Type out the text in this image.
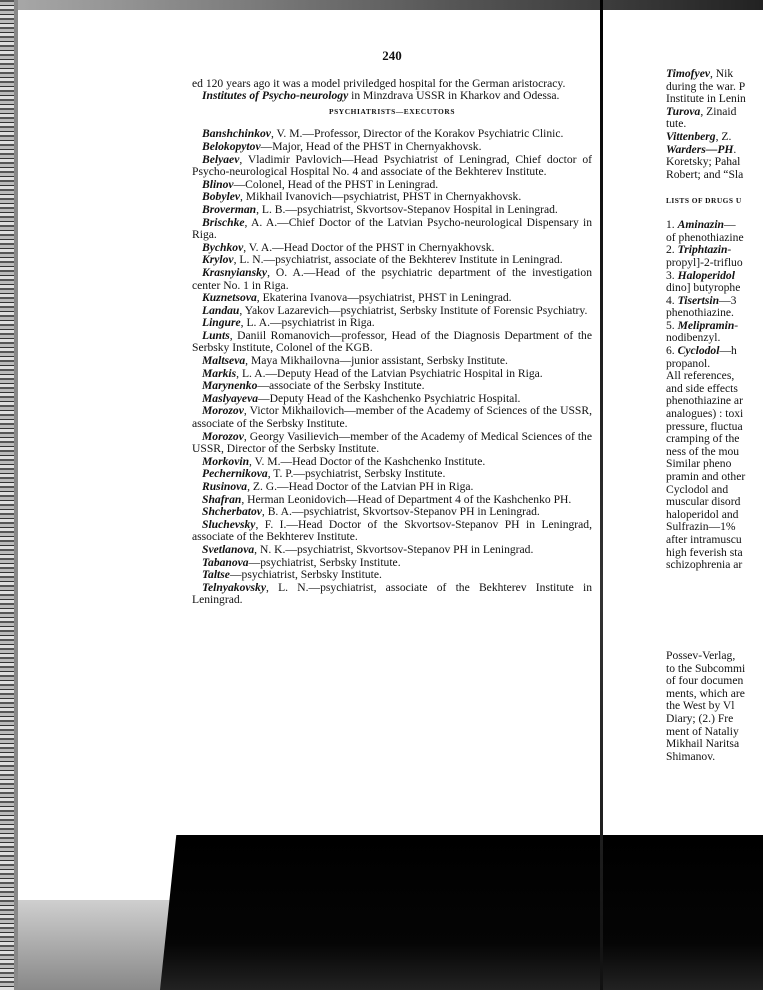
240

ed 120 years ago it was a model priviledged hospital for the German aristocracy.

Institutes of Psycho-neurology in Minzdrava USSR in Kharkov and Odessa.

PSYCHIATRISTS—EXECUTORS

Banshchinkov, V. M.—Professor, Director of the Korakov Psychiatric Clinic.

Belokopytov—Major, Head of the PHST in Chernyakhovsk.

Belyaev, Vladimir Pavlovich—Head Psychiatrist of Leningrad, Chief doctor of Psycho-neurological Hospital No. 4 and associate of the Bekhterev Institute.

Blinov—Colonel, Head of the PHST in Leningrad.

Bobylev, Mikhail Ivanovich—psychiatrist, PHST in Chernyakhovsk.

Broverman, L. B.—psychiatrist, Skvortsov-Stepanov Hospital in Leningrad.

Brischke, A. A.—Chief Doctor of the Latvian Psycho-neurological Dispensary in Riga.

Bychkov, V. A.—Head Doctor of the PHST in Chernyakhovsk.

Krylov, L. N.—psychiatrist, associate of the Bekhterev Institute in Leningrad.

Krasnyiansky, O. A.—Head of the psychiatric department of the investigation center No. 1 in Riga.

Kuznetsova, Ekaterina Ivanova—psychiatrist, PHST in Leningrad.

Landau, Yakov Lazarevich—psychiatrist, Serbsky Institute of Forensic Psychiatry.

Lingure, L. A.—psychiatrist in Riga.

Lunts, Daniil Romanovich—professor, Head of the Diagnosis Department of the Serbsky Institute, Colonel of the KGB.

Maltseva, Maya Mikhailovna—junior assistant, Serbsky Institute.

Markis, L. A.—Deputy Head of the Latvian Psychiatric Hospital in Riga.

Marynenko—associate of the Serbsky Institute.

Maslyayeva—Deputy Head of the Kashchenko Psychiatric Hospital.

Morozov, Victor Mikhailovich—member of the Academy of Sciences of the USSR, associate of the Serbsky Institute.

Morozov, Georgy Vasilievich—member of the Academy of Medical Sciences of the USSR, Director of the Serbsky Institute.

Morkovin, V. M.—Head Doctor of the Kashchenko Institute.

Pechernikova, T. P.—psychiatrist, Serbsky Institute.

Rusinova, Z. G.—Head Doctor of the Latvian PH in Riga.

Shafran, Herman Leonidovich—Head of Department 4 of the Kashchenko PH.

Shcherbatov, B. A.—psychiatrist, Skvortsov-Stepanov PH in Leningrad.

Sluchevsky, F. I.—Head Doctor of the Skvortsov-Stepanov PH in Leningrad, associate of the Bekhterev Institute.

Svetlanova, N. K.—psychiatrist, Skvortsov-Stepanov PH in Leningrad.

Tabanova—psychiatrist, Serbsky Institute.

Taltse—psychiatrist, Serbsky Institute.

Telnyakovsky, L. N.—psychiatrist, associate of the Bekhterev Institute in Leningrad.

Timofyev, Nik
during the war. P
Institute in Lenin
Turova, Zinaid
tute.
Vittenberg, Z.
Warders—PH.
Koretsky; Pahal
Robert; and “Sla

LISTS OF DRUGS U

1. Aminazin—
of phenothiazine
2. Triphtazin-
propyl]-2-trifluo
3. Haloperidol
dino] butyrophe
4. Tisertsin—3
phenothiazine.
5. Melipramin-
nodibenzyl.
6. Cyclodol—h
propanol.
All references,
and side effects
phenothiazine ar
analogues) : toxi
pressure, fluctua
cramping of the
ness of the mou
Similar pheno
pramin and other
Cyclodol and
muscular disord
haloperidol and
Sulfrazin—1%
after intramuscu
high feverish sta
schizophrenia ar
Possev-Verlag,
to the Subcommi
of four documen
ments, which are
the West by Vl
Diary; (2.) Fre
ment of Nataliy
Mikhail Naritsa
Shimanov.
